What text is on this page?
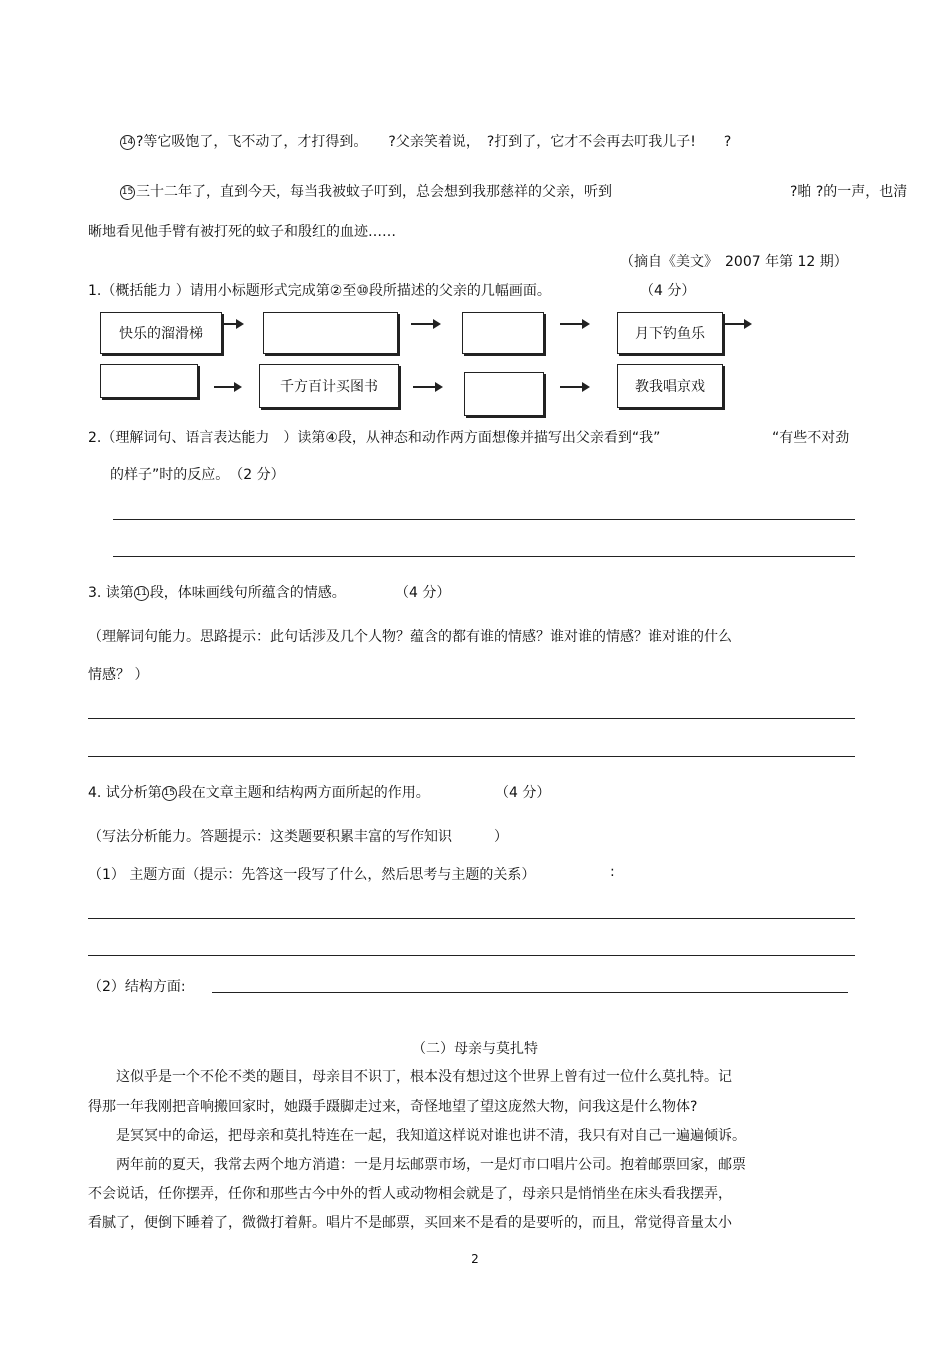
14 ?等它吸饱了，飞不动了，才打得到。　　?父亲笑着说，　?打到了，它才不会再去叮我儿子!　　?
15 三十二年了，直到今天，每当我被蚊子叮到，总会想到我那慈祥的父亲，听到	?啪 ?的一声，也清
晰地看见他手臂有被打死的蚊子和殷红的血迹……
（摘自《美文》　2007 年第 12 期）
1.（概括能力 ）请用小标题形式完成第②至⑩段所描述的父亲的几幅画面。	（4 分）
快乐的溜滑梯	月下钓鱼乐
千方百计买图书	教我唱京戏
2.（理解词句、语言表达能力　）读第④段，从神态和动作两方面想像并描写出父亲看到“我”	“有些不对劲
的样子”时的反应。　（2 分）
3. 读第 11 段，体味画线句所蕴含的情感。	（4 分）
（理解词句能力。思路提示：此句话涉及几个人物？蕴含的都有谁的情感？谁对谁的情感？谁对谁的什么
情感？ ）
4. 试分析第 15 段在文章主题和结构两方面所起的作用。	（4 分）
（写法分析能力。答题提示：这类题要积累丰富的写作知识　　　）
（1） 主题方面（提示：先答这一段写了什么，然后思考与主题的关系）	:
（2）结构方面:
（二）母亲与莫扎特
　　这似乎是一个不伦不类的题目，母亲目不识丁，根本没有想过这个世界上曾有过一位什么莫扎特。记
得那一年我刚把音响搬回家时，她蹑手蹑脚走过来，奇怪地望了望这庞然大物，问我这是什么物体?
　　是冥冥中的命运，把母亲和莫扎特连在一起，我知道这样说对谁也讲不清，我只有对自己一遍遍倾诉。
　　两年前的夏天，我常去两个地方消遣：一是月坛邮票市场，一是灯市口唱片公司。抱着邮票回家，邮票
不会说话，任你摆弄，任你和那些古今中外的哲人或动物相会就是了，母亲只是悄悄坐在床头看我摆弄，
看腻了，便倒下睡着了，微微打着鼾。唱片不是邮票，买回来不是看的是要听的，而且，常觉得音量太小
2
